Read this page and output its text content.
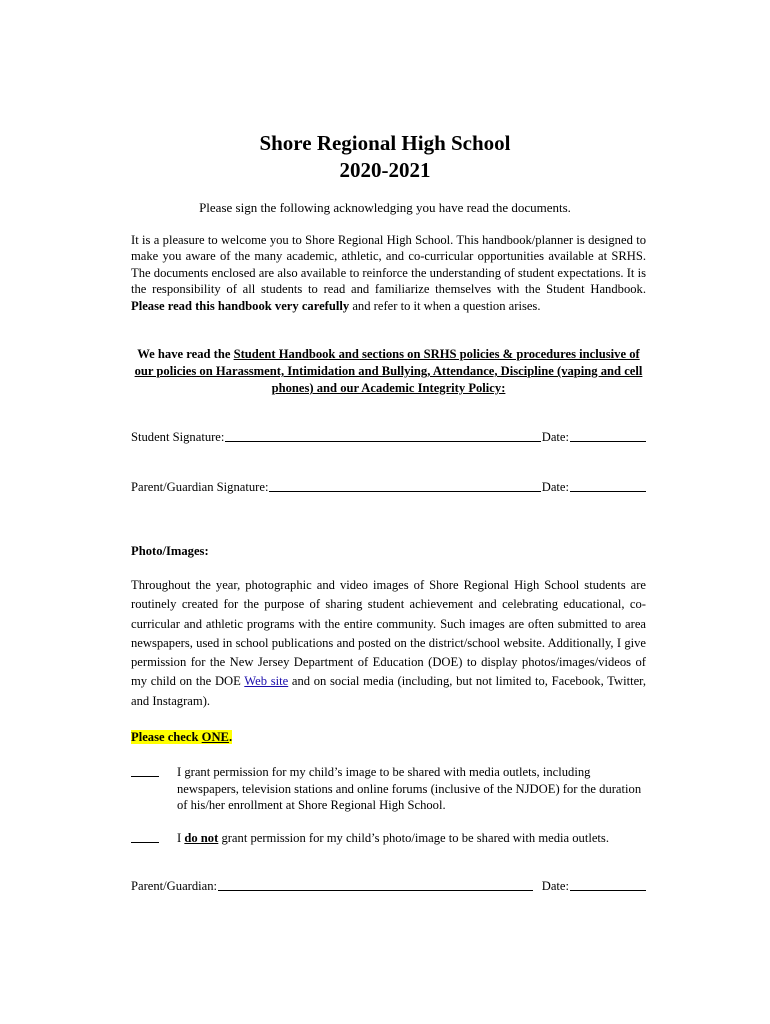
Shore Regional High School
2020-2021
Please sign the following acknowledging you have read the documents.
It is a pleasure to welcome you to Shore Regional High School. This handbook/planner is designed to make you aware of the many academic, athletic, and co-curricular opportunities available at SRHS. The documents enclosed are also available to reinforce the understanding of student expectations. It is the responsibility of all students to read and familiarize themselves with the Student Handbook. Please read this handbook very carefully and refer to it when a question arises.
We have read the Student Handbook and sections on SRHS policies & procedures inclusive of our policies on Harassment, Intimidation and Bullying, Attendance, Discipline (vaping and cell phones) and our Academic Integrity Policy:
Student Signature:	Date:
Parent/Guardian Signature:	Date:
Photo/Images:
Throughout the year, photographic and video images of Shore Regional High School students are routinely created for the purpose of sharing student achievement and celebrating educational, co-curricular and athletic programs with the entire community. Such images are often submitted to area newspapers, used in school publications and posted on the district/school website. Additionally, I give permission for the New Jersey Department of Education (DOE) to display photos/images/videos of my child on the DOE Web site and on social media (including, but not limited to, Facebook, Twitter, and Instagram).
Please check ONE.
I grant permission for my child’s image to be shared with media outlets, including newspapers, television stations and online forums (inclusive of the NJDOE) for the duration of his/her enrollment at Shore Regional High School.
I do not grant permission for my child’s photo/image to be shared with media outlets.
Parent/Guardian:	Date:
